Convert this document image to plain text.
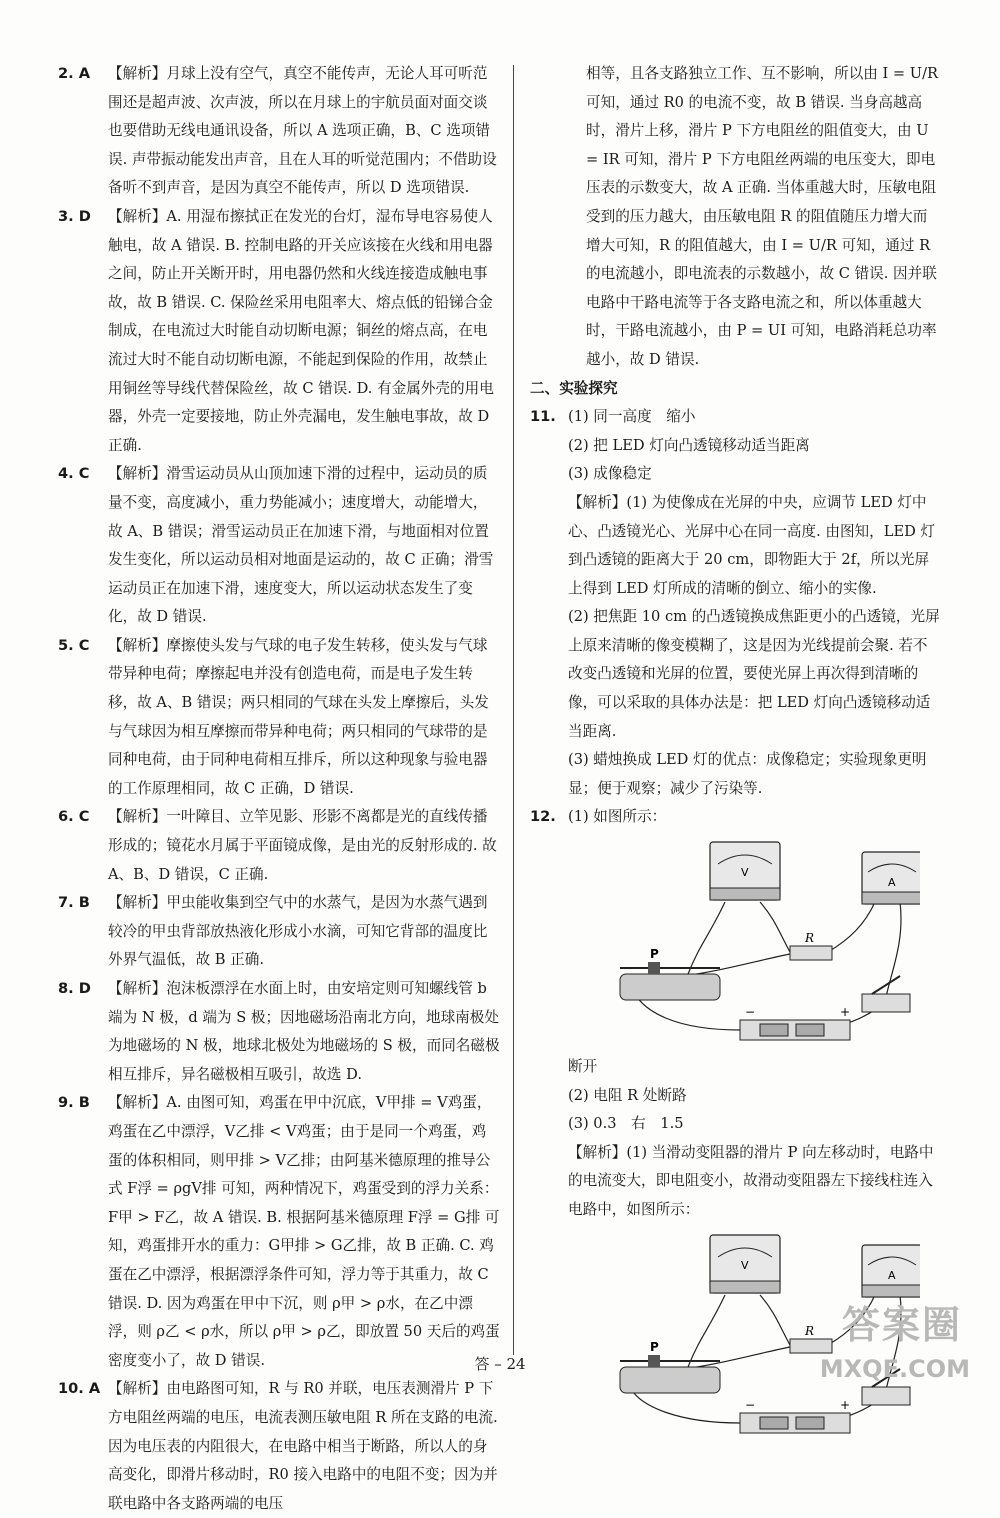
2. A 【解析】月球上没有空气，真空不能传声，无论人耳可听范围还是超声波、次声波，所以在月球上的宇航员面对面交谈也要借助无线电通讯设备，所以 A 选项正确，B、C 选项错误. 声带振动能发出声音，且在人耳的听觉范围内；不借助设备听不到声音，是因为真空不能传声，所以 D 选项错误.

3. D 【解析】A. 用湿布擦拭正在发光的台灯，湿布导电容易使人触电，故 A 错误. B. 控制电路的开关应该接在火线和用电器之间，防止开关断开时，用电器仍然和火线连接造成触电事故，故 B 错误. C. 保险丝采用电阻率大、熔点低的铅锑合金制成，在电流过大时能自动切断电源；铜丝的熔点高，在电流过大时不能自动切断电源，不能起到保险的作用，故禁止用铜丝等导线代替保险丝，故 C 错误. D. 有金属外壳的用电器，外壳一定要接地，防止外壳漏电，发生触电事故，故 D 正确.

4. C 【解析】滑雪运动员从山顶加速下滑的过程中，运动员的质量不变，高度减小，重力势能减小；速度增大，动能增大，故 A、B 错误；滑雪运动员正在加速下滑，与地面相对位置发生变化，所以运动员相对地面是运动的，故 C 正确；滑雪运动员正在加速下滑，速度变大，所以运动状态发生了变化，故 D 错误.

5. C 【解析】摩擦使头发与气球的电子发生转移，使头发与气球带异种电荷；摩擦起电并没有创造电荷，而是电子发生转移，故 A、B 错误；两只相同的气球在头发上摩擦后，头发与气球因为相互摩擦而带异种电荷；两只相同的气球带的是同种电荷，由于同种电荷相互排斥，所以这种现象与验电器的工作原理相同，故 C 正确，D 错误.

6. C 【解析】一叶障目、立竿见影、形影不离都是光的直线传播形成的；镜花水月属于平面镜成像，是由光的反射形成的. 故 A、B、D 错误，C 正确.

7. B 【解析】甲虫能收集到空气中的水蒸气，是因为水蒸气遇到较冷的甲虫背部放热液化形成小水滴，可知它背部的温度比外界气温低，故 B 正确.

8. D 【解析】泡沫板漂浮在水面上时，由安培定则可知螺线管 b 端为 N 极，d 端为 S 极；因地磁场沿南北方向，地球南极处为地磁场的 N 极，地球北极处为地磁场的 S 极，而同名磁极相互排斥，异名磁极相互吸引，故选 D.

9. B 【解析】A. 由图可知，鸡蛋在甲中沉底，V甲排 = V鸡蛋，鸡蛋在乙中漂浮，V乙排 < V鸡蛋；由于是同一个鸡蛋，鸡蛋的体积相同，则甲排 > V乙排；由阿基米德原理的推导公式 F浮 = ρgV排 可知，两种情况下，鸡蛋受到的浮力关系：F甲 > F乙，故 A 错误. B. 根据阿基米德原理 F浮 = G排 可知，鸡蛋排开水的重力：G甲排 > G乙排，故 B 正确. C. 鸡蛋在乙中漂浮，根据漂浮条件可知，浮力等于其重力，故 C 错误. D. 因为鸡蛋在甲中下沉，则 ρ甲 > ρ水，在乙中漂浮，则 ρ乙 < ρ水，所以 ρ甲 > ρ乙，即放置 50 天后的鸡蛋密度变小了，故 D 错误.

10. A 【解析】由电路图可知，R 与 R0 并联，电压表测滑片 P 下方电阻丝两端的电压，电流表测压敏电阻 R 所在支路的电流. 因为电压表的内阻很大，在电路中相当于断路，所以人的身高变化，即滑片移动时，R0 接入电路中的电阻不变；因为并联电路中各支路两端的电压

相等，且各支路独立工作、互不影响，所以由 I = U/R 可知，通过 R0 的电流不变，故 B 错误. 当身高越高时，滑片上移，滑片 P 下方电阻丝的阻值变大，由 U = IR 可知，滑片 P 下方电阻丝两端的电压变大，即电压表的示数变大，故 A 正确. 当体重越大时，压敏电阻受到的压力越大，由压敏电阻 R 的阻值随压力增大而增大可知，R 的阻值越大，由 I = U/R 可知，通过 R 的电流越小，即电流表的示数越小，故 C 错误. 因并联电路中干路电流等于各支路电流之和，所以体重越大时，干路电流越小，由 P = UI 可知，电路消耗总功率越小，故 D 错误.

二、实验探究

11. (1) 同一高度　缩小

(2) 把 LED 灯向凸透镜移动适当距离

(3) 成像稳定

【解析】(1) 为使像成在光屏的中央，应调节 LED 灯中心、凸透镜光心、光屏中心在同一高度. 由图知，LED 灯到凸透镜的距离大于 20 cm，即物距大于 2f，所以光屏上得到 LED 灯所成的清晰的倒立、缩小的实像.

(2) 把焦距 10 cm 的凸透镜换成焦距更小的凸透镜，光屏上原来清晰的像变模糊了，这是因为光线提前会聚. 若不改变凸透镜和光屏的位置，要使光屏上再次得到清晰的像，可以采取的具体办法是：把 LED 灯向凸透镜移动适当距离.

(3) 蜡烛换成 LED 灯的优点：成像稳定；实验现象更明显；便于观察；减少了污染等.

12. (1) 如图所示：

V
A
R
P
−	+

断开

(2) 电阻 R 处断路

(3) 0.3　右　1.5

【解析】(1) 当滑动变阻器的滑片 P 向左移动时，电路中的电流变大，即电阻变小，故滑动变阻器左下接线柱连入电路中，如图所示：

V
A
R
P
−	+
答 – 24
答案圈
MXQE.COM
